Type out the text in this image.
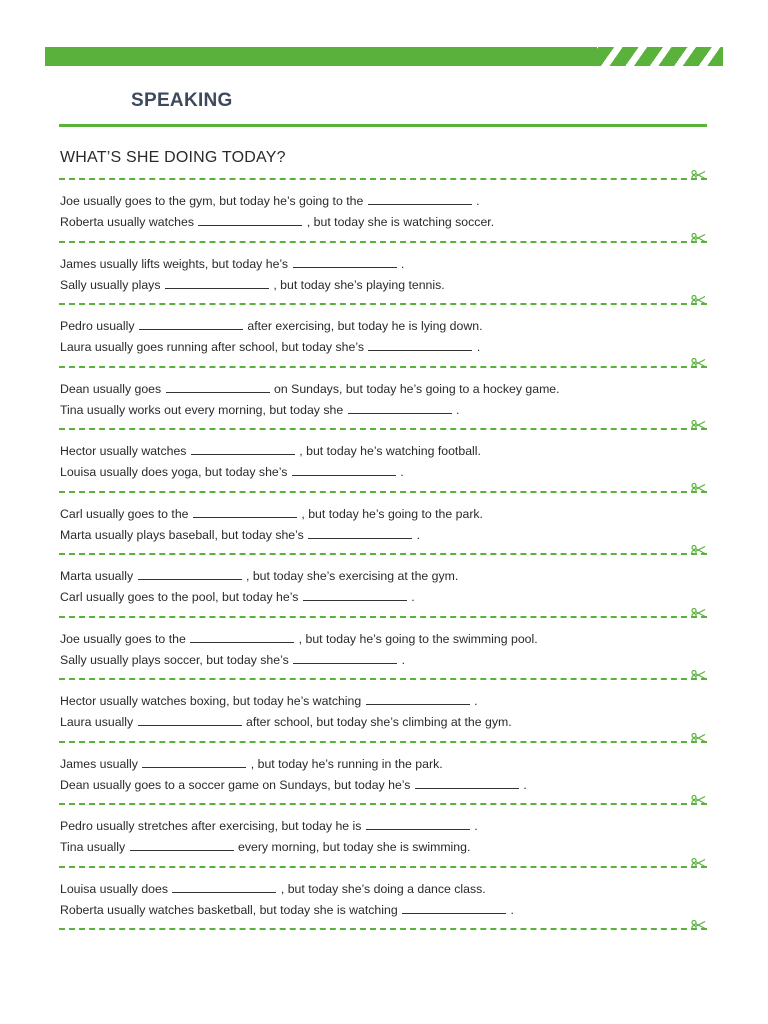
SPEAKING
WHAT’S SHE DOING TODAY?
Joe usually goes to the gym, but today he’s going to the	.
Roberta usually watches	, but today she is watching soccer.
James usually lifts weights, but today he’s	.
Sally usually plays	, but today she’s playing tennis.
Pedro usually	after exercising, but today he is lying down.
Laura usually goes running after school, but today she’s	.
Dean usually goes	on Sundays, but today he’s going to a hockey game.
Tina usually works out every morning, but today she	.
Hector usually watches	, but today he’s watching football.
Louisa usually does yoga, but today she’s	.
Carl usually goes to the	, but today he’s going to the park.
Marta usually plays baseball, but today she’s	.
Marta usually	, but today she’s exercising at the gym.
Carl usually goes to the pool, but today he’s	.
Joe usually goes to the	, but today he’s going to the swimming pool.
Sally usually plays soccer, but today she’s	.
Hector usually watches boxing, but today he’s watching	.
Laura usually	after school, but today she’s climbing at the gym.
James usually	, but today he’s running in the park.
Dean usually goes to a soccer game on Sundays, but today he’s	.
Pedro usually stretches after exercising, but today he is	.
Tina usually	every morning, but today she is swimming.
Louisa usually does	, but today she’s doing a dance class.
Roberta usually watches basketball, but today she is watching	.
